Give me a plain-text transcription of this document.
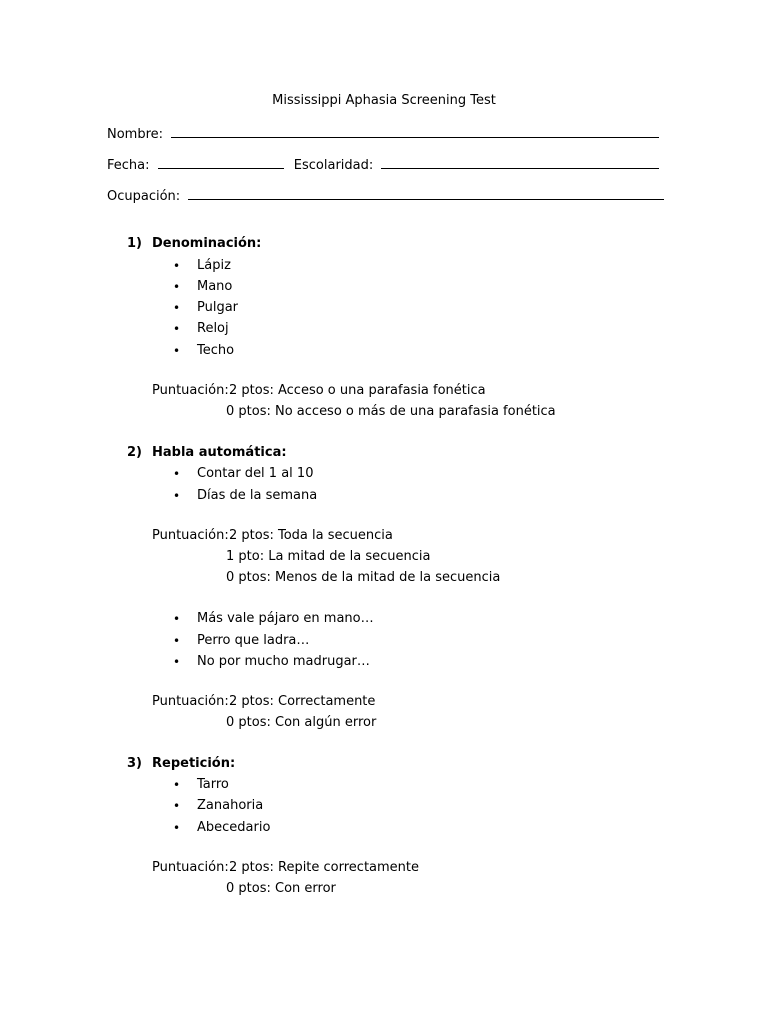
Mississippi Aphasia Screening Test
Nombre:
Fecha:	Escolaridad:
Ocupación:
1) Denominación:
• Lápiz
• Mano
• Pulgar
• Reloj
• Techo
Puntuación: 2 ptos: Acceso o una parafasia fonética
0 ptos: No acceso o más de una parafasia fonética
2) Habla automática:
• Contar del 1 al 10
• Días de la semana
Puntuación: 2 ptos: Toda la secuencia
1 pto: La mitad de la secuencia
0 ptos: Menos de la mitad de la secuencia
• Más vale pájaro en mano…
• Perro que ladra…
• No por mucho madrugar…
Puntuación: 2 ptos: Correctamente
0 ptos: Con algún error
3) Repetición:
• Tarro
• Zanahoria
• Abecedario
Puntuación: 2 ptos: Repite correctamente
0 ptos: Con error
